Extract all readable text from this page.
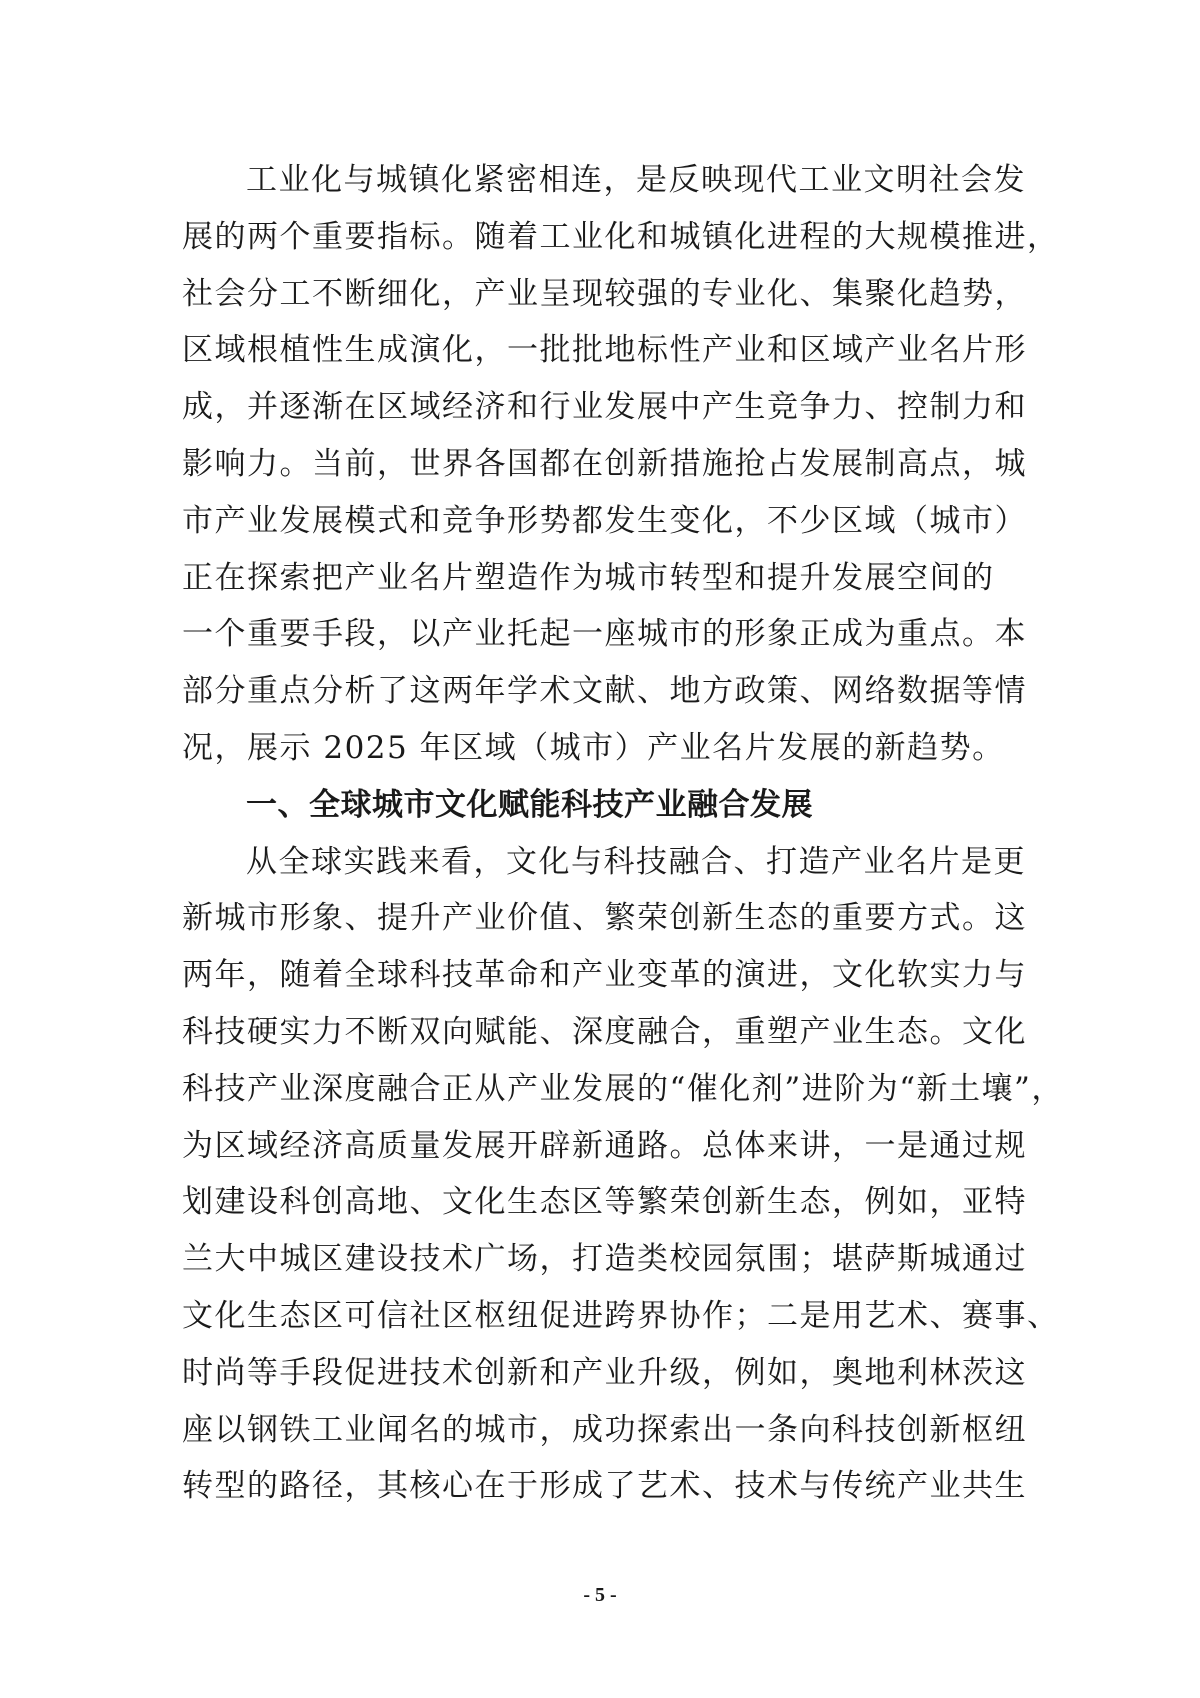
工业化与城镇化紧密相连，是反映现代工业文明社会发
展的两个重要指标。随着工业化和城镇化进程的大规模推进，
社会分工不断细化，产业呈现较强的专业化、集聚化趋势，
区域根植性生成演化，一批批地标性产业和区域产业名片形
成，并逐渐在区域经济和行业发展中产生竞争力、控制力和
影响力。当前，世界各国都在创新措施抢占发展制高点，城
市产业发展模式和竞争形势都发生变化，不少区域（城市）
正在探索把产业名片塑造作为城市转型和提升发展空间的
一个重要手段，以产业托起一座城市的形象正成为重点。本
部分重点分析了这两年学术文献、地方政策、网络数据等情
况，展示 2025 年区域（城市）产业名片发展的新趋势。
一、全球城市文化赋能科技产业融合发展
从全球实践来看，文化与科技融合、打造产业名片是更
新城市形象、提升产业价值、繁荣创新生态的重要方式。这
两年，随着全球科技革命和产业变革的演进，文化软实力与
科技硬实力不断双向赋能、深度融合，重塑产业生态。文化
科技产业深度融合正从产业发展的“催化剂”进阶为“新土壤”，
为区域经济高质量发展开辟新通路。总体来讲，一是通过规
划建设科创高地、文化生态区等繁荣创新生态，例如，亚特
兰大中城区建设技术广场，打造类校园氛围；堪萨斯城通过
文化生态区可信社区枢纽促进跨界协作；二是用艺术、赛事、
时尚等手段促进技术创新和产业升级，例如，奥地利林茨这
座以钢铁工业闻名的城市，成功探索出一条向科技创新枢纽
转型的路径，其核心在于形成了艺术、技术与传统产业共生
- 5 -
